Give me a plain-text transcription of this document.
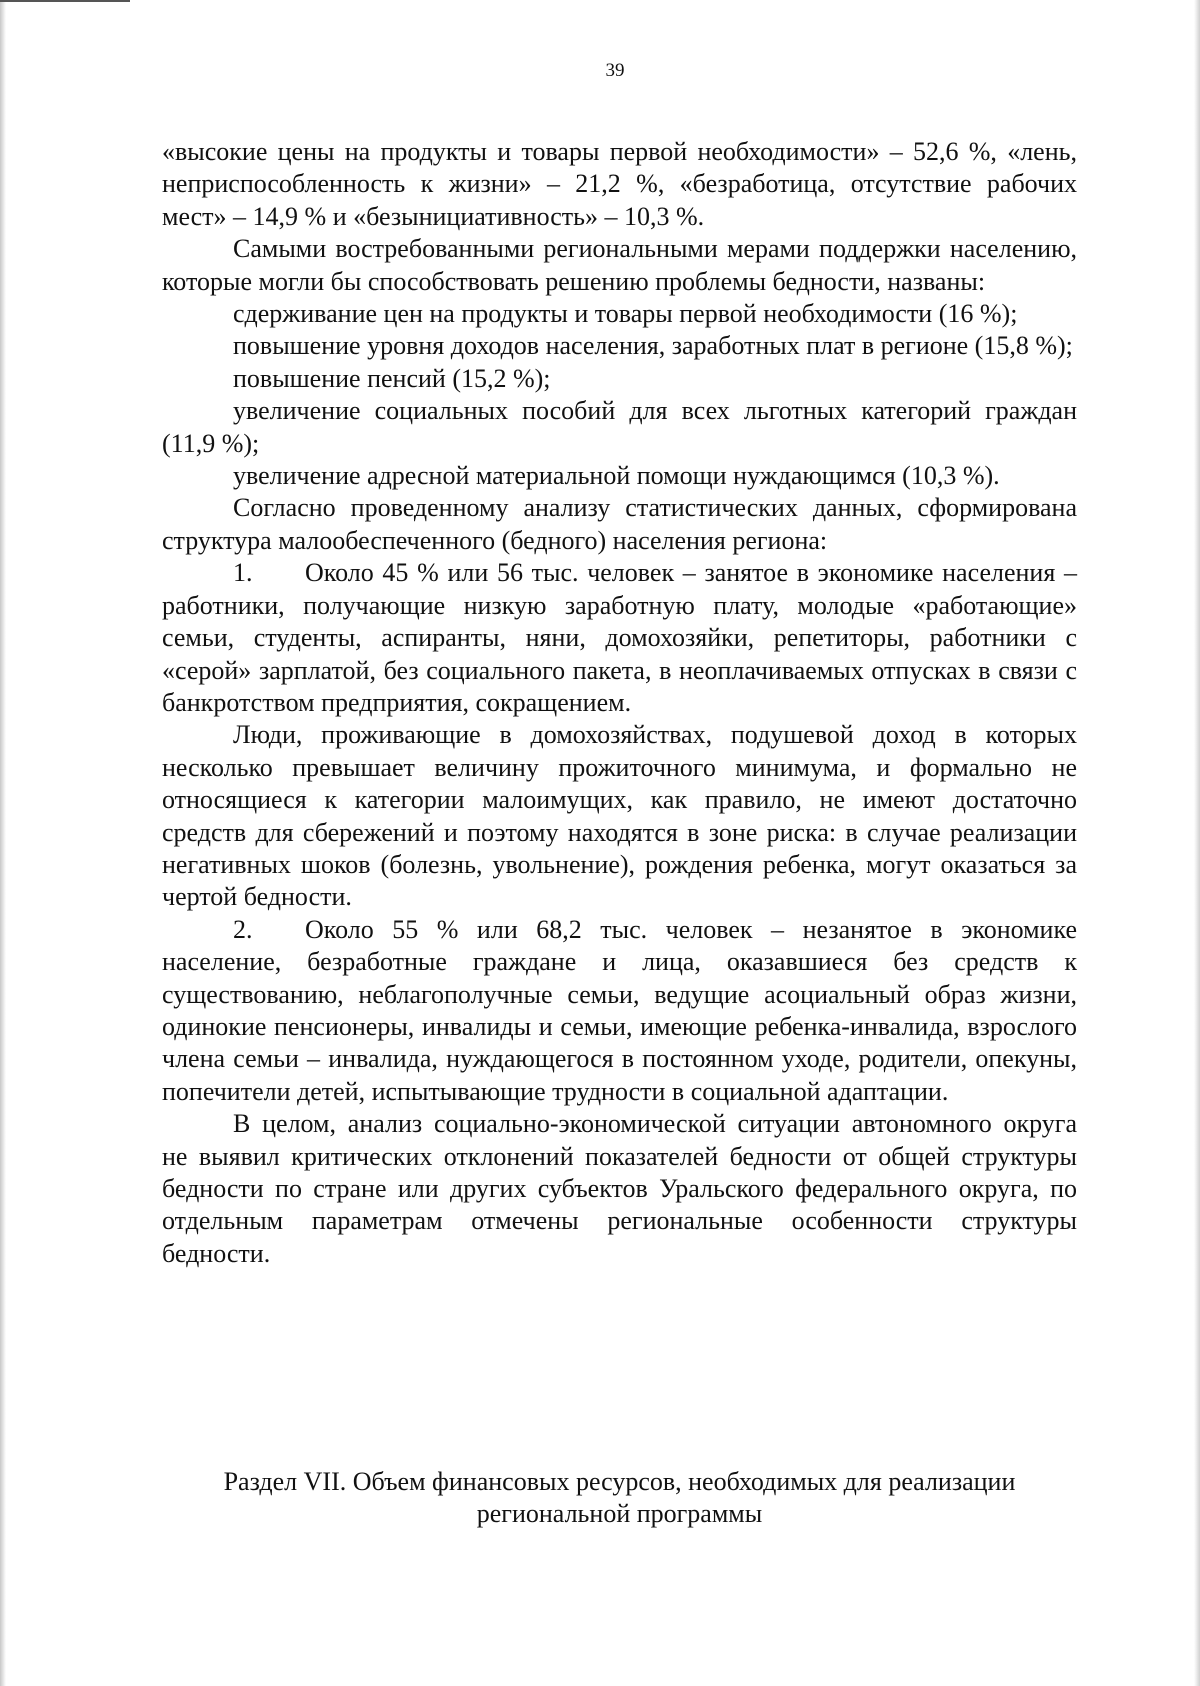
39

«высокие цены на продукты и товары первой необходимости» – 52,6 %, «лень, неприспособленность к жизни» – 21,2 %, «безработица, отсутствие рабочих мест» – 14,9 % и «безынициативность» – 10,3 %.

Самыми востребованными региональными мерами поддержки населению, которые могли бы способствовать решению проблемы бедности, названы:

сдерживание цен на продукты и товары первой необходимости (16 %);

повышение уровня доходов населения, заработных плат в регионе (15,8 %);

повышение пенсий (15,2 %);

увеличение социальных пособий для всех льготных категорий граждан (11,9 %);

увеличение адресной материальной помощи нуждающимся (10,3 %).

Согласно проведенному анализу статистических данных, сформирована структура малообеспеченного (бедного) населения региона:

1. Около 45 % или 56 тыс. человек – занятое в экономике населения – работники, получающие низкую заработную плату, молодые «работающие» семьи, студенты, аспиранты, няни, домохозяйки, репетиторы, работники с «серой» зарплатой, без социального пакета, в неоплачиваемых отпусках в связи с банкротством предприятия, сокращением.

Люди, проживающие в домохозяйствах, подушевой доход в которых несколько превышает величину прожиточного минимума, и формально не относящиеся к категории малоимущих, как правило, не имеют достаточно средств для сбережений и поэтому находятся в зоне риска: в случае реализации негативных шоков (болезнь, увольнение), рождения ребенка, могут оказаться за чертой бедности.

2. Около 55 % или 68,2 тыс. человек – незанятое в экономике население, безработные граждане и лица, оказавшиеся без средств к существованию, неблагополучные семьи, ведущие асоциальный образ жизни, одинокие пенсионеры, инвалиды и семьи, имеющие ребенка-инвалида, взрослого члена семьи – инвалида, нуждающегося в постоянном уходе, родители, опекуны, попечители детей, испытывающие трудности в социальной адаптации.

В целом, анализ социально-экономической ситуации автономного округа не выявил критических отклонений показателей бедности от общей структуры бедности по стране или других субъектов Уральского федерального округа, по отдельным параметрам отмечены региональные особенности структуры бедности.

Раздел VII. Объем финансовых ресурсов, необходимых для реализации
региональной программы
